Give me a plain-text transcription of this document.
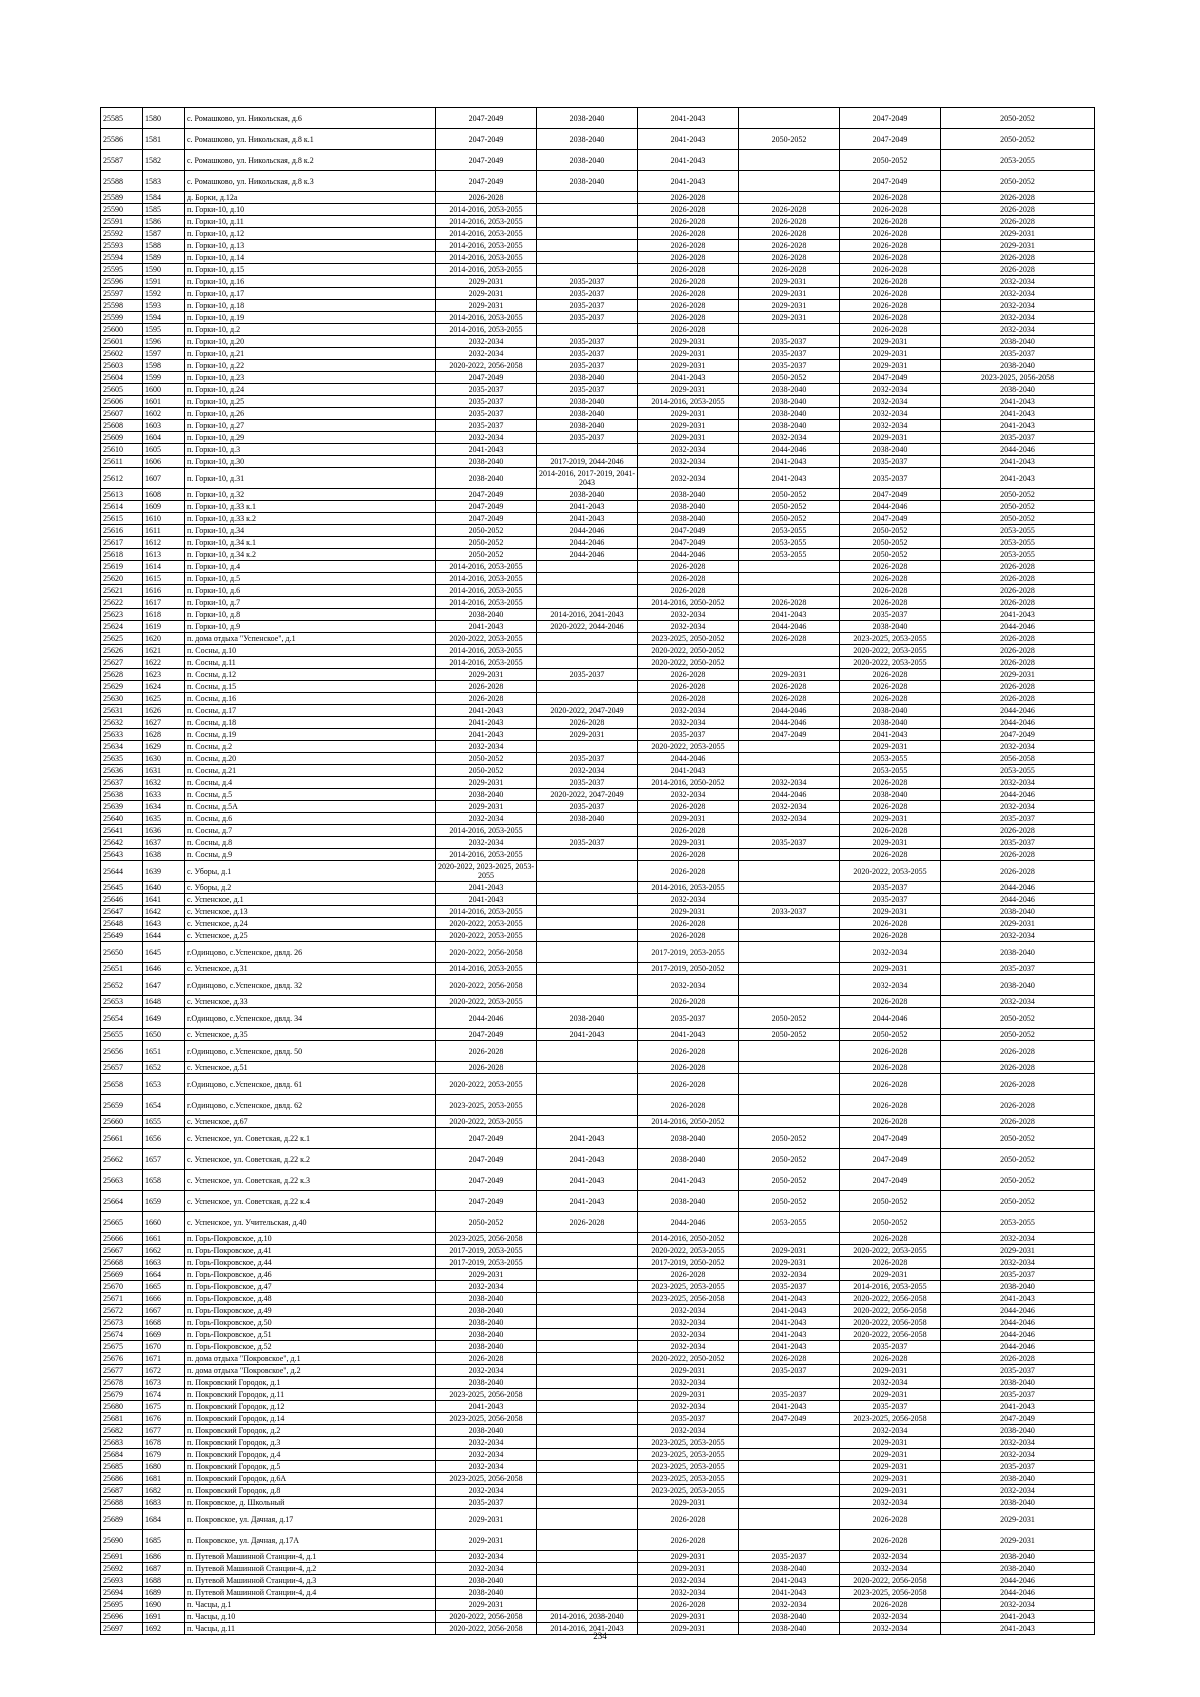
25585	1580	с. Ромашково, ул. Никольская, д.6	2047-2049	2038-2040	2041-2043		2047-2049	2050-2052
25586	1581	с. Ромашково, ул. Никольская, д.8 к.1	2047-2049	2038-2040	2041-2043	2050-2052	2047-2049	2050-2052
25587	1582	с. Ромашково, ул. Никольская, д.8 к.2	2047-2049	2038-2040	2041-2043		2050-2052	2053-2055
25588	1583	с. Ромашково, ул. Никольская, д.8 к.3	2047-2049	2038-2040	2041-2043		2047-2049	2050-2052
25589	1584	д. Борки, д.12а	2026-2028		2026-2028		2026-2028	2026-2028
25590	1585	п. Горки-10, д.10	2014-2016, 2053-2055		2026-2028	2026-2028	2026-2028	2026-2028
25591	1586	п. Горки-10, д.11	2014-2016, 2053-2055		2026-2028	2026-2028	2026-2028	2026-2028
25592	1587	п. Горки-10, д.12	2014-2016, 2053-2055		2026-2028	2026-2028	2026-2028	2029-2031
25593	1588	п. Горки-10, д.13	2014-2016, 2053-2055		2026-2028	2026-2028	2026-2028	2029-2031
25594	1589	п. Горки-10, д.14	2014-2016, 2053-2055		2026-2028	2026-2028	2026-2028	2026-2028
25595	1590	п. Горки-10, д.15	2014-2016, 2053-2055		2026-2028	2026-2028	2026-2028	2026-2028
25596	1591	п. Горки-10, д.16	2029-2031	2035-2037	2026-2028	2029-2031	2026-2028	2032-2034
25597	1592	п. Горки-10, д.17	2029-2031	2035-2037	2026-2028	2029-2031	2026-2028	2032-2034
25598	1593	п. Горки-10, д.18	2029-2031	2035-2037	2026-2028	2029-2031	2026-2028	2032-2034
25599	1594	п. Горки-10, д.19	2014-2016, 2053-2055	2035-2037	2026-2028	2029-2031	2026-2028	2032-2034
25600	1595	п. Горки-10, д.2	2014-2016, 2053-2055		2026-2028		2026-2028	2032-2034
25601	1596	п. Горки-10, д.20	2032-2034	2035-2037	2029-2031	2035-2037	2029-2031	2038-2040
25602	1597	п. Горки-10, д.21	2032-2034	2035-2037	2029-2031	2035-2037	2029-2031	2035-2037
25603	1598	п. Горки-10, д.22	2020-2022, 2056-2058	2035-2037	2029-2031	2035-2037	2029-2031	2038-2040
25604	1599	п. Горки-10, д.23	2047-2049	2038-2040	2041-2043	2050-2052	2047-2049	2023-2025, 2056-2058
25605	1600	п. Горки-10, д.24	2035-2037	2035-2037	2029-2031	2038-2040	2032-2034	2038-2040
25606	1601	п. Горки-10, д.25	2035-2037	2038-2040	2014-2016, 2053-2055	2038-2040	2032-2034	2041-2043
25607	1602	п. Горки-10, д.26	2035-2037	2038-2040	2029-2031	2038-2040	2032-2034	2041-2043
25608	1603	п. Горки-10, д.27	2035-2037	2038-2040	2029-2031	2038-2040	2032-2034	2041-2043
25609	1604	п. Горки-10, д.29	2032-2034	2035-2037	2029-2031	2032-2034	2029-2031	2035-2037
25610	1605	п. Горки-10, д.3	2041-2043		2032-2034	2044-2046	2038-2040	2044-2046
25611	1606	п. Горки-10, д.30	2038-2040	2017-2019, 2044-2046	2032-2034	2041-2043	2035-2037	2041-2043
25612	1607	п. Горки-10, д.31	2038-2040	2014-2016, 2017-2019, 2041-2043	2032-2034	2041-2043	2035-2037	2041-2043
25613	1608	п. Горки-10, д.32	2047-2049	2038-2040	2038-2040	2050-2052	2047-2049	2050-2052
25614	1609	п. Горки-10, д.33 к.1	2047-2049	2041-2043	2038-2040	2050-2052	2044-2046	2050-2052
25615	1610	п. Горки-10, д.33 к.2	2047-2049	2041-2043	2038-2040	2050-2052	2047-2049	2050-2052
25616	1611	п. Горки-10, д.34	2050-2052	2044-2046	2047-2049	2053-2055	2050-2052	2053-2055
25617	1612	п. Горки-10, д.34 к.1	2050-2052	2044-2046	2047-2049	2053-2055	2050-2052	2053-2055
25618	1613	п. Горки-10, д.34 к.2	2050-2052	2044-2046	2044-2046	2053-2055	2050-2052	2053-2055
25619	1614	п. Горки-10, д.4	2014-2016, 2053-2055		2026-2028		2026-2028	2026-2028
25620	1615	п. Горки-10, д.5	2014-2016, 2053-2055		2026-2028		2026-2028	2026-2028
25621	1616	п. Горки-10, д.6	2014-2016, 2053-2055		2026-2028		2026-2028	2026-2028
25622	1617	п. Горки-10, д.7	2014-2016, 2053-2055		2014-2016, 2050-2052	2026-2028	2026-2028	2026-2028
25623	1618	п. Горки-10, д.8	2038-2040	2014-2016, 2041-2043	2032-2034	2041-2043	2035-2037	2041-2043
25624	1619	п. Горки-10, д.9	2041-2043	2020-2022, 2044-2046	2032-2034	2044-2046	2038-2040	2044-2046
25625	1620	п. дома отдыха "Успенское", д.1	2020-2022, 2053-2055		2023-2025, 2050-2052	2026-2028	2023-2025, 2053-2055	2026-2028
25626	1621	п. Сосны, д.10	2014-2016, 2053-2055		2020-2022, 2050-2052		2020-2022, 2053-2055	2026-2028
25627	1622	п. Сосны, д.11	2014-2016, 2053-2055		2020-2022, 2050-2052		2020-2022, 2053-2055	2026-2028
25628	1623	п. Сосны, д.12	2029-2031	2035-2037	2026-2028	2029-2031	2026-2028	2029-2031
25629	1624	п. Сосны, д.15	2026-2028		2026-2028	2026-2028	2026-2028	2026-2028
25630	1625	п. Сосны, д.16	2026-2028		2026-2028	2026-2028	2026-2028	2026-2028
25631	1626	п. Сосны, д.17	2041-2043	2020-2022, 2047-2049	2032-2034	2044-2046	2038-2040	2044-2046
25632	1627	п. Сосны, д.18	2041-2043	2026-2028	2032-2034	2044-2046	2038-2040	2044-2046
25633	1628	п. Сосны, д.19	2041-2043	2029-2031	2035-2037	2047-2049	2041-2043	2047-2049
25634	1629	п. Сосны, д.2	2032-2034		2020-2022, 2053-2055		2029-2031	2032-2034
25635	1630	п. Сосны, д.20	2050-2052	2035-2037	2044-2046		2053-2055	2056-2058
25636	1631	п. Сосны, д.21	2050-2052	2032-2034	2041-2043		2053-2055	2053-2055
25637	1632	п. Сосны, д.4	2029-2031	2035-2037	2014-2016, 2050-2052	2032-2034	2026-2028	2032-2034
25638	1633	п. Сосны, д.5	2038-2040	2020-2022, 2047-2049	2032-2034	2044-2046	2038-2040	2044-2046
25639	1634	п. Сосны, д.5А	2029-2031	2035-2037	2026-2028	2032-2034	2026-2028	2032-2034
25640	1635	п. Сосны, д.6	2032-2034	2038-2040	2029-2031	2032-2034	2029-2031	2035-2037
25641	1636	п. Сосны, д.7	2014-2016, 2053-2055		2026-2028		2026-2028	2026-2028
25642	1637	п. Сосны, д.8	2032-2034	2035-2037	2029-2031	2035-2037	2029-2031	2035-2037
25643	1638	п. Сосны, д.9	2014-2016, 2053-2055		2026-2028		2026-2028	2026-2028
25644	1639	с. Уборы, д.1	2020-2022, 2023-2025, 2053-2055		2026-2028		2020-2022, 2053-2055	2026-2028
25645	1640	с. Уборы, д.2	2041-2043		2014-2016, 2053-2055		2035-2037	2044-2046
25646	1641	с. Успенское, д.1	2041-2043		2032-2034		2035-2037	2044-2046
25647	1642	с. Успенское, д.13	2014-2016, 2053-2055		2029-2031	2033-2037	2029-2031	2038-2040
25648	1643	с. Успенское, д.24	2020-2022, 2053-2055		2026-2028		2026-2028	2029-2031
25649	1644	с. Успенское, д.25	2020-2022, 2053-2055		2026-2028		2026-2028	2032-2034
25650	1645	г.Одинцово, с.Успенское, двлд. 26	2020-2022, 2056-2058		2017-2019, 2053-2055		2032-2034	2038-2040
25651	1646	с. Успенское, д.31	2014-2016, 2053-2055		2017-2019, 2050-2052		2029-2031	2035-2037
25652	1647	г.Одинцово, с.Успенское, двлд. 32	2020-2022, 2056-2058		2032-2034		2032-2034	2038-2040
25653	1648	с. Успенское, д.33	2020-2022, 2053-2055		2026-2028		2026-2028	2032-2034
25654	1649	г.Одинцово, с.Успенское, двлд. 34	2044-2046	2038-2040	2035-2037	2050-2052	2044-2046	2050-2052
25655	1650	с. Успенское, д.35	2047-2049	2041-2043	2041-2043	2050-2052	2050-2052	2050-2052
25656	1651	г.Одинцово, с.Успенское, двлд. 50	2026-2028		2026-2028		2026-2028	2026-2028
25657	1652	с. Успенское, д.51	2026-2028		2026-2028		2026-2028	2026-2028
25658	1653	г.Одинцово, с.Успенское, двлд. 61	2020-2022, 2053-2055		2026-2028		2026-2028	2026-2028
25659	1654	г.Одинцово, с.Успенское, двлд. 62	2023-2025, 2053-2055		2026-2028		2026-2028	2026-2028
25660	1655	с. Успенское, д.67	2020-2022, 2053-2055		2014-2016, 2050-2052		2026-2028	2026-2028
25661	1656	с. Успенское, ул. Советская, д.22 к.1	2047-2049	2041-2043	2038-2040	2050-2052	2047-2049	2050-2052
25662	1657	с. Успенское, ул. Советская, д.22 к.2	2047-2049	2041-2043	2038-2040	2050-2052	2047-2049	2050-2052
25663	1658	с. Успенское, ул. Советская, д.22 к.3	2047-2049	2041-2043	2041-2043	2050-2052	2047-2049	2050-2052
25664	1659	с. Успенское, ул. Советская, д.22 к.4	2047-2049	2041-2043	2038-2040	2050-2052	2050-2052	2050-2052
25665	1660	с. Успенское, ул. Учительская, д.40	2050-2052	2026-2028	2044-2046	2053-2055	2050-2052	2053-2055
25666	1661	п. Горь-Покровское, д.10	2023-2025, 2056-2058		2014-2016, 2050-2052		2026-2028	2032-2034
25667	1662	п. Горь-Покровское, д.41	2017-2019, 2053-2055		2020-2022, 2053-2055	2029-2031	2020-2022, 2053-2055	2029-2031
25668	1663	п. Горь-Покровское, д.44	2017-2019, 2053-2055		2017-2019, 2050-2052	2029-2031	2026-2028	2032-2034
25669	1664	п. Горь-Покровское, д.46	2029-2031		2026-2028	2032-2034	2029-2031	2035-2037
25670	1665	п. Горь-Покровское, д.47	2032-2034		2023-2025, 2053-2055	2035-2037	2014-2016, 2053-2055	2038-2040
25671	1666	п. Горь-Покровское, д.48	2038-2040		2023-2025, 2056-2058	2041-2043	2020-2022, 2056-2058	2041-2043
25672	1667	п. Горь-Покровское, д.49	2038-2040		2032-2034	2041-2043	2020-2022, 2056-2058	2044-2046
25673	1668	п. Горь-Покровское, д.50	2038-2040		2032-2034	2041-2043	2020-2022, 2056-2058	2044-2046
25674	1669	п. Горь-Покровское, д.51	2038-2040		2032-2034	2041-2043	2020-2022, 2056-2058	2044-2046
25675	1670	п. Горь-Покровское, д.52	2038-2040		2032-2034	2041-2043	2035-2037	2044-2046
25676	1671	п. дома отдыха "Покровское", д.1	2026-2028		2020-2022, 2050-2052	2026-2028	2026-2028	2026-2028
25677	1672	п. дома отдыха "Покровское", д.2	2032-2034		2029-2031	2035-2037	2029-2031	2035-2037
25678	1673	п. Покровский Городок, д.1	2038-2040		2032-2034		2032-2034	2038-2040
25679	1674	п. Покровский Городок, д.11	2023-2025, 2056-2058		2029-2031	2035-2037	2029-2031	2035-2037
25680	1675	п. Покровский Городок, д.12	2041-2043		2032-2034	2041-2043	2035-2037	2041-2043
25681	1676	п. Покровский Городок, д.14	2023-2025, 2056-2058		2035-2037	2047-2049	2023-2025, 2056-2058	2047-2049
25682	1677	п. Покровский Городок, д.2	2038-2040		2032-2034		2032-2034	2038-2040
25683	1678	п. Покровский Городок, д.3	2032-2034		2023-2025, 2053-2055		2029-2031	2032-2034
25684	1679	п. Покровский Городок, д.4	2032-2034		2023-2025, 2053-2055		2029-2031	2032-2034
25685	1680	п. Покровский Городок, д.5	2032-2034		2023-2025, 2053-2055		2029-2031	2035-2037
25686	1681	п. Покровский Городок, д.6А	2023-2025, 2056-2058		2023-2025, 2053-2055		2029-2031	2038-2040
25687	1682	п. Покровский Городок, д.8	2032-2034		2023-2025, 2053-2055		2029-2031	2032-2034
25688	1683	п. Покровское, д. Школьный	2035-2037		2029-2031		2032-2034	2038-2040
25689	1684	п. Покровское, ул. Дачная, д.17	2029-2031		2026-2028		2026-2028	2029-2031
25690	1685	п. Покровское, ул. Дачная, д.17А	2029-2031		2026-2028		2026-2028	2029-2031
25691	1686	п. Путевой Машинной Станции-4, д.1	2032-2034		2029-2031	2035-2037	2032-2034	2038-2040
25692	1687	п. Путевой Машинной Станции-4, д.2	2032-2034		2029-2031	2038-2040	2032-2034	2038-2040
25693	1688	п. Путевой Машинной Станции-4, д.3	2038-2040		2032-2034	2041-2043	2020-2022, 2056-2058	2044-2046
25694	1689	п. Путевой Машинной Станции-4, д.4	2038-2040		2032-2034	2041-2043	2023-2025, 2056-2058	2044-2046
25695	1690	п. Часцы, д.1	2029-2031		2026-2028	2032-2034	2026-2028	2032-2034
25696	1691	п. Часцы, д.10	2020-2022, 2056-2058	2014-2016, 2038-2040	2029-2031	2038-2040	2032-2034	2041-2043
25697	1692	п. Часцы, д.11	2020-2022, 2056-2058	2014-2016, 2041-2043	2029-2031	2038-2040	2032-2034	2041-2043
234
